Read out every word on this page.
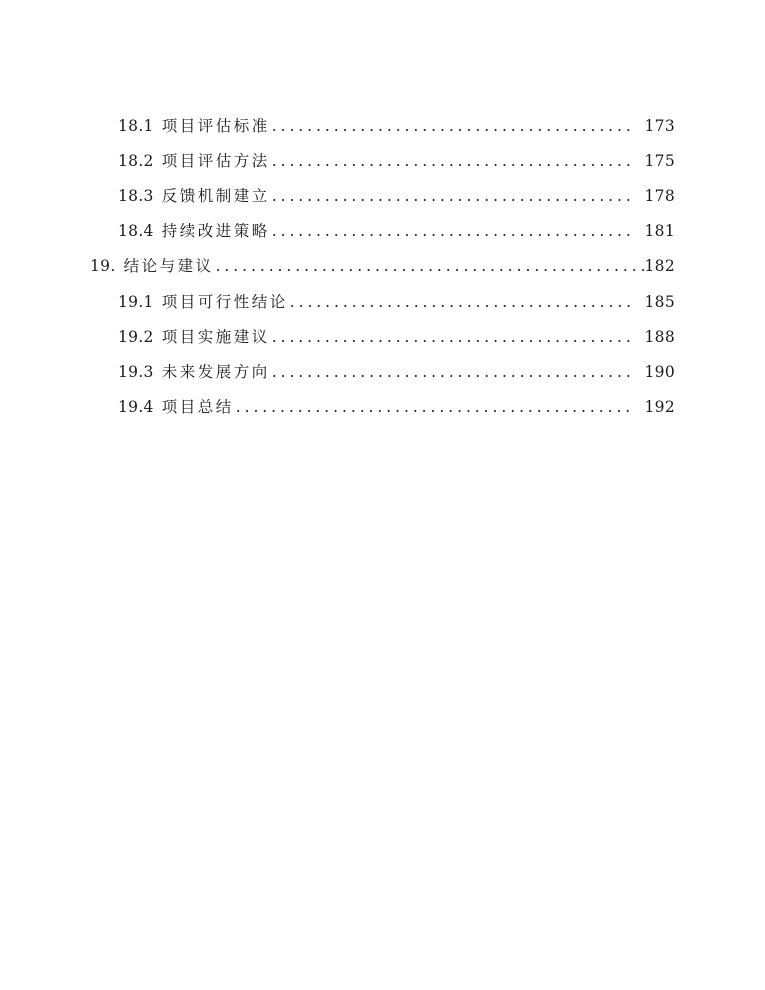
18.1 项目评估标准 . . .	173
18.2 项目评估方法 . . .	175
18.3 反馈机制建立 . . .	178
18.4 持续改进策略 . . .	181
19. 结论与建议 . . .	182
19.1 项目可行性结论 . . .	185
19.2 项目实施建议 . . .	188
19.3 未来发展方向 . . .	190
19.4 项目总结 . . .	192
